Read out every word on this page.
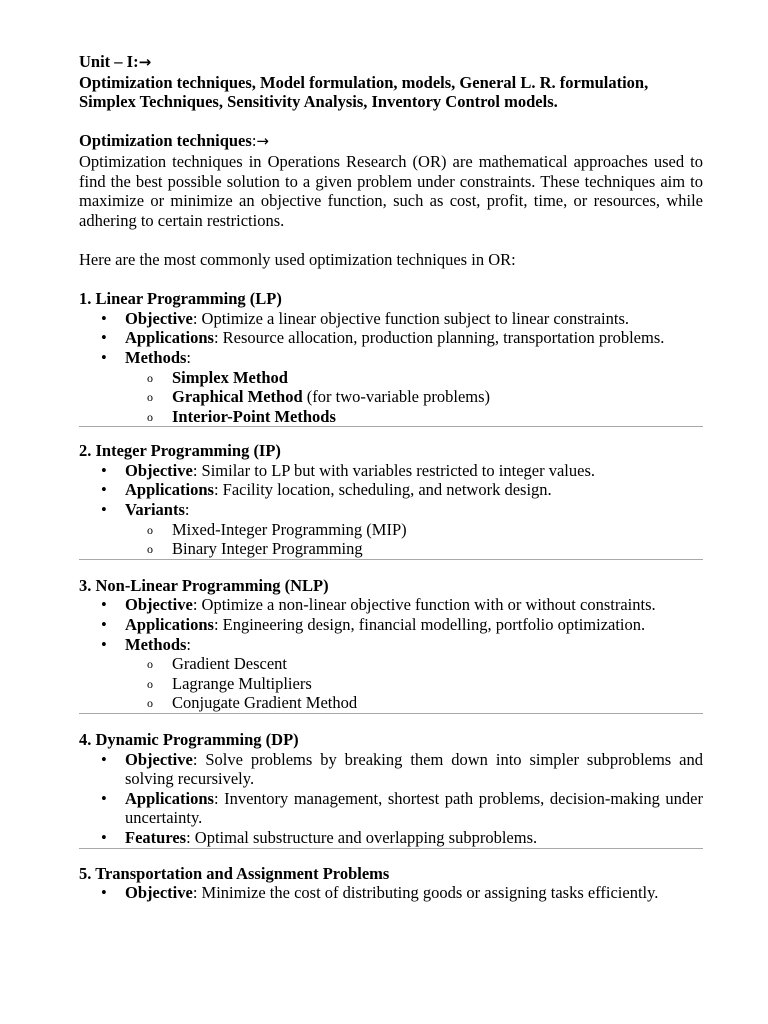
Unit – I:→

Optimization techniques, Model formulation, models, General L. R. formulation,

Simplex Techniques, Sensitivity Analysis, Inventory Control models.

Optimization techniques:→

Optimization techniques in Operations Research (OR) are mathematical approaches used to find the best possible solution to a given problem under constraints. These techniques aim to maximize or minimize an objective function, such as cost, profit, time, or resources, while adhering to certain restrictions.

Here are the most commonly used optimization techniques in OR:

1. Linear Programming (LP)

• Objective: Optimize a linear objective function subject to linear constraints.
• Applications: Resource allocation, production planning, transportation problems.
• Methods:
o Simplex Method
o Graphical Method (for two-variable problems)
o Interior-Point Methods

2. Integer Programming (IP)

• Objective: Similar to LP but with variables restricted to integer values.
• Applications: Facility location, scheduling, and network design.
• Variants:
o Mixed-Integer Programming (MIP)
o Binary Integer Programming

3. Non-Linear Programming (NLP)

• Objective: Optimize a non-linear objective function with or without constraints.
• Applications: Engineering design, financial modelling, portfolio optimization.
• Methods:
o Gradient Descent
o Lagrange Multipliers
o Conjugate Gradient Method

4. Dynamic Programming (DP)

• Objective: Solve problems by breaking them down into simpler subproblems and solving recursively.
• Applications: Inventory management, shortest path problems, decision-making under uncertainty.
• Features: Optimal substructure and overlapping subproblems.

5. Transportation and Assignment Problems

• Objective: Minimize the cost of distributing goods or assigning tasks efficiently.
